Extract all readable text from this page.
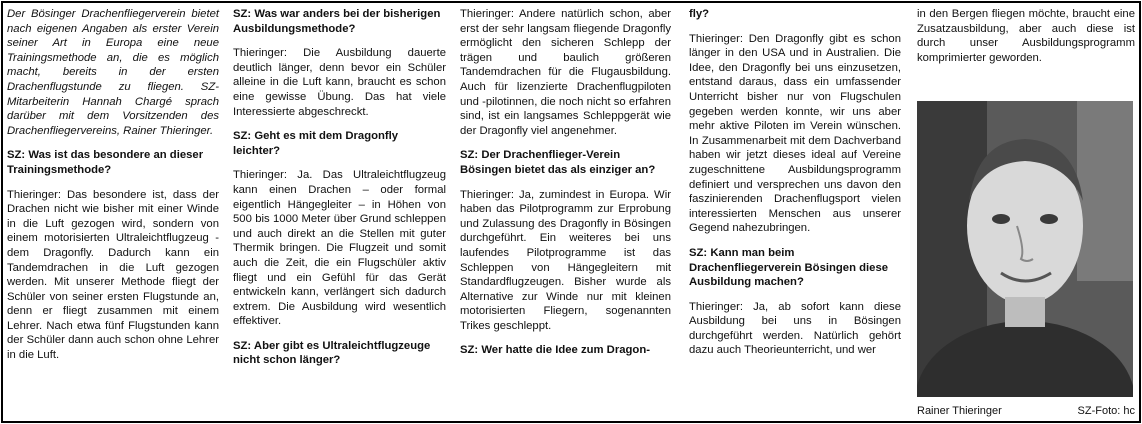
Der Bösinger Drachenfliegerverein bietet nach eigenen Angaben als erster Verein seiner Art in Europa eine neue Trainingsmethode an, die es möglich macht, bereits in der ersten Drachenflugstunde zu fliegen. SZ-Mitarbeiterin Hannah Chargé sprach darüber mit dem Vorsitzenden des Drachenfliegervereins, Rainer Thieringer.

SZ: Was ist das besondere an dieser Trainingsmethode?

Thieringer: Das besondere ist, dass der Drachen nicht wie bisher mit einer Winde in die Luft gezogen wird, sondern von einem motorisierten Ultraleichtflugzeug - dem Dragonfly. Dadurch kann ein Tandemdrachen in die Luft gezogen werden. Mit unserer Methode fliegt der Schüler von seiner ersten Flugstunde an, denn er fliegt zusammen mit einem Lehrer. Nach etwa fünf Flugstunden kann der Schüler dann auch schon ohne Lehrer in die Luft.

SZ: Was war anders bei der bisherigen Ausbildungsmethode?

Thieringer: Die Ausbildung dauerte deutlich länger, denn bevor ein Schüler alleine in die Luft kann, braucht es schon eine gewisse Übung. Das hat viele Interessierte abgeschreckt.

SZ: Geht es mit dem Dragonfly leichter?

Thieringer: Ja. Das Ultraleichtflugzeug kann einen Drachen – oder formal eigentlich Hängegleiter – in Höhen von 500 bis 1000 Meter über Grund schleppen und auch direkt an die Stellen mit guter Thermik bringen. Die Flugzeit und somit auch die Zeit, die ein Flugschüler aktiv fliegt und ein Gefühl für das Gerät entwickeln kann, verlängert sich dadurch extrem. Die Ausbildung wird wesentlich effektiver.

SZ: Aber gibt es Ultraleichtflugzeuge nicht schon länger?

Thieringer: Andere natürlich schon, aber erst der sehr langsam fliegende Dragonfly ermöglicht den sicheren Schlepp der trägen und baulich größeren Tandemdrachen für die Flugausbildung. Auch für lizenzierte Drachenflugpiloten und -pilotinnen, die noch nicht so erfahren sind, ist ein langsames Schleppgerät wie der Dragonfly viel angenehmer.

SZ: Der Drachenflieger-Verein Bösingen bietet das als einziger an?

Thieringer: Ja, zumindest in Europa. Wir haben das Pilotprogramm zur Erprobung und Zulassung des Dragonfly in Bösingen durchgeführt. Ein weiteres bei uns laufendes Pilotprogramme ist das Schleppen von Hängegleitern mit Standardflugzeugen. Bisher wurde als Alternative zur Winde nur mit kleinen motorisierten Fliegern, sogenannten Trikes geschleppt.

SZ: Wer hatte die Idee zum Dragon-

fly?

Thieringer: Den Dragonfly gibt es schon länger in den USA und in Australien. Die Idee, den Dragonfly bei uns einzusetzen, entstand daraus, dass ein umfassender Unterricht bisher nur von Flugschulen gegeben werden konnte, wir uns aber mehr aktive Piloten im Verein wünschen. In Zusammenarbeit mit dem Dachverband haben wir jetzt dieses ideal auf Vereine zugeschnittene Ausbildungsprogramm definiert und versprechen uns davon den faszinierenden Drachenflugsport vielen interessierten Menschen aus unserer Gegend nahezubringen.

SZ: Kann man beim Drachenfliegerverein Bösingen diese Ausbildung machen?

Thieringer: Ja, ab sofort kann diese Ausbildung bei uns in Bösingen durchgeführt werden. Natürlich gehört dazu auch Theorieunterricht, und wer

in den Bergen fliegen möchte, braucht eine Zusatzausbildung, aber auch diese ist durch unser Ausbildungsprogramm komprimierter geworden.

Rainer Thieringer	SZ-Foto: hc
